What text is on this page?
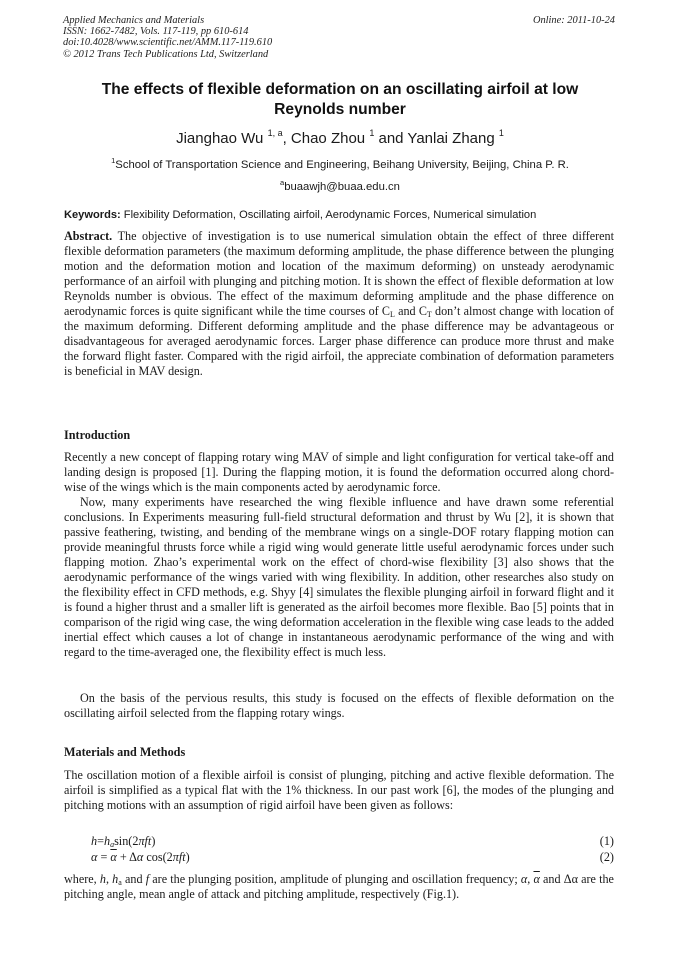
Applied Mechanics and Materials
ISSN: 1662-7482, Vols. 117-119, pp 610-614
doi:10.4028/www.scientific.net/AMM.117-119.610
© 2012 Trans Tech Publications Ltd, Switzerland
Online: 2011-10-24
The effects of flexible deformation on an oscillating airfoil at low Reynolds number
Jianghao Wu $^{1, a}$, Chao Zhou $^1$ and Yanlai Zhang $^1$
$^1$School of Transportation Science and Engineering, Beihang University, Beijing, China P. R.
$^a$buaawjh@buaa.edu.cn
Keywords: Flexibility Deformation, Oscillating airfoil, Aerodynamic Forces, Numerical simulation
Abstract. The objective of investigation is to use numerical simulation obtain the effect of three different flexible deformation parameters (the maximum deforming amplitude, the phase difference between the plunging motion and the deformation motion and location of the maximum deforming) on unsteady aerodynamic performance of an airfoil with plunging and pitching motion. It is shown the effect of flexible deformation at low Reynolds number is obvious. The effect of the maximum deforming amplitude and the phase difference on aerodynamic forces is quite significant while the time courses of $C_L$ and $C_T$ don’t almost change with location of the maximum deforming. Different deforming amplitude and the phase difference may be advantageous or disadvantageous for averaged aerodynamic forces. Larger phase difference can produce more thrust and make the forward flight faster. Compared with the rigid airfoil, the appreciate combination of deformation parameters is beneficial in MAV design.
Introduction
Recently a new concept of flapping rotary wing MAV of simple and light configuration for vertical take-off and landing design is proposed [1]. During the flapping motion, it is found the deformation occurred along chord-wise of the wings which is the main components acted by aerodynamic force.
Now, many experiments have researched the wing flexible influence and have drawn some referential conclusions. In Experiments measuring full-field structural deformation and thrust by Wu [2], it is shown that passive feathering, twisting, and bending of the membrane wings on a single-DOF rotary flapping motion can provide meaningful thrusts force while a rigid wing would generate little useful aerodynamic forces under such flapping motion. Zhao’s experimental work on the effect of chord-wise flexibility [3] also shows that the aerodynamic performance of the wings varied with wing flexibility. In addition, other researches also study on the flexibility effect in CFD methods, e.g. Shyy [4] simulates the flexible plunging airfoil in forward flight and it is found a higher thrust and a smaller lift is generated as the airfoil becomes more flexible. Bao [5] points that in comparison of the rigid wing case, the wing deformation acceleration in the flexible wing case leads to the added inertial effect which causes a lot of change in instantaneous aerodynamic performance of the wing and with regard to the time-averaged one, the flexibility effect is much less.
On the basis of the pervious results, this study is focused on the effects of flexible deformation on the oscillating airfoil selected from the flapping rotary wings.
Materials and Methods
The oscillation motion of a flexible airfoil is consist of plunging, pitching and active flexible deformation. The airfoil is simplified as a typical flat with the 1% thickness. In our past work [6], the modes of the plunging and pitching motions with an assumption of rigid airfoil have been given as follows:
$h=h_a\sin(2\pi ft)$	(1)
$\alpha = \overline{\alpha} + \Delta\alpha$ cos(2πft)	(2)
where, h, $h_a$ and f are the plunging position, amplitude of plunging and oscillation frequency; α, $\overline{\alpha}$ and Δα are the pitching angle, mean angle of attack and pitching amplitude, respectively (Fig.1).
